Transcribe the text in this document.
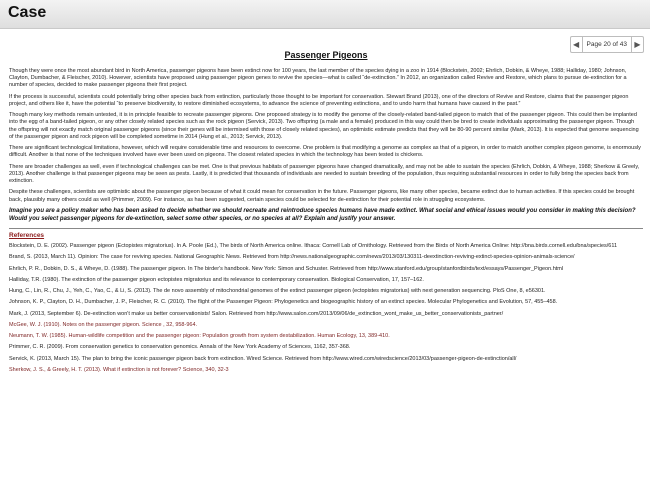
Case
◀	Page 20 of 43 ▶
Passenger Pigeons

Though they were once the most abundant bird in North America, passenger pigeons have been extinct now for 100 years, the last member of the species dying in a zoo in 1914 (Blockstein, 2002; Ehrlich, Dobkin, & Wheye, 1988; Halliday, 1980; Johnson, Clayton, Dumbacher, & Fleischer, 2010). However, scientists have proposed using passenger pigeon genes to revive the species—what is called “de-extinction.” In 2012, an organization called Revive and Restore, which plans to pursue de-extinction for a number of species, decided to make passenger pigeons their first project.

If the process is successful, scientists could potentially bring other species back from extinction, particularly those thought to be important for conservation. Stewart Brand (2013), one of the directors of Revive and Restore, claims that the passenger pigeon project, and others like it, have the potential “to preserve biodiversity, to restore diminished ecosystems, to advance the science of preventing extinctions, and to undo harm that humans have caused in the past.”

Though many key methods remain untested, it is in principle feasible to recreate passenger pigeons. One proposed strategy is to modify the genome of the closely-related band-tailed pigeon to match that of the passenger pigeon. This could then be implanted into the egg of a band-tailed pigeon, or any other closely related species such as the rock pigeon (Servick, 2013). Two offspring (a male and a female) produced in this way could then be bred to create individuals approximating the passenger pigeon. Though the offspring will not exactly match original passenger pigeons (since their genes will be intermixed with those of closely related species), an optimistic estimate predicts that they will be 80-90 percent similar (Mark, 2013). It is expected that genome sequencing of the passenger pigeon and rock pigeon will be completed sometime in 2014 (Hung et al., 2013; Servick, 2013).

There are significant technological limitations, however, which will require considerable time and resources to overcome. One problem is that modifying a genome as complex as that of a pigeon, in order to match another complex pigeon genome, is enormously difficult. Another is that none of the techniques involved have ever been used on pigeons. The closest related species in which the technology has been tested is chickens.

There are broader challenges as well, even if technological challenges can be met. One is that previous habitats of passenger pigeons have changed dramatically, and may not be able to sustain the species (Ehrlich, Dobkin, & Wheye, 1988; Sherkow & Greely, 2013). Another challenge is that passenger pigeons may be seen as pests. Lastly, it is predicted that thousands of individuals are needed to sustain breeding of the population, thus requiring substantial resources in order to fully bring the species back from extinction.

Despite these challenges, scientists are optimistic about the passenger pigeon because of what it could mean for conservation in the future. Passenger pigeons, like many other species, became extinct due to human activities. If this species could be brought back, plausibly many others could as well (Primmer, 2009). For instance, as has been suggested, certain species could be selected for de-extinction for their potential role in struggling ecosystems.

Imagine you are a policy maker who has been asked to decide whether we should recreate and reintroduce species humans have made extinct. What social and ethical issues would you consider in making this decision? Would you select passenger pigeons for de-extinction, select some other species, or no species at all? Explain and justify your answer.

References
Blockstein, D. E. (2002). Passenger pigeon (Ectopistes migratorius). In A. Poole (Ed.), The birds of North America online. Ithaca: Cornell Lab of Ornithology. Retrieved from the Birds of North America Online: http://bna.birds.cornell.edu/bna/species/611
Brand, S. (2013, March 11). Opinion: The case for reviving species. National Geographic News. Retrieved from http://news.nationalgeographic.com/news/2013/03/130311-deextinction-reviving-extinct-species-opinion-animals-science/
Ehrlich, P. R., Dobkin, D. S., & Wheye, D. (1988). The passenger pigeon. In The birder's handbook. New York: Simon and Schuster. Retrieved from http://www.stanford.edu/group/stanfordbirds/text/essays/Passenger_Pigeon.html
Halliday, T.R. (1980). The extinction of the passenger pigeon ectopistes migratorius and its relevance to contemporary conservation. Biological Conservation, 17, 157–162.
Hung, C., Lin, R., Chu, J., Yeh, C., Yao, C., & Li, S. (2013). The de novo assembly of mitochondrial genomes of the extinct passenger pigeon (ectopistes migratorius) with next generation sequencing. PloS One, 8, e56301.
Johnson, K. P., Clayton, D. H., Dumbacher, J. P., Fleischer, R. C. (2010). The flight of the Passenger Pigeon: Phylogenetics and biogeographic history of an extinct species. Molecular Phylogenetics and Evolution, 57, 455–458.
Mark, J. (2013, September 6). De-extinction won't make us better conservationists! Salon. Retrieved from http://www.salon.com/2013/09/06/de_extinction_wont_make_us_better_conservationists_partner/
McGee, W. J. (1910). Notes on the passenger pigeon. Science , 32, 958-964.
Neumann, T. W. (1985). Human-wildlife competition and the passenger pigeon: Population growth from system destabilization. Human Ecology, 13, 389-410.
Primmer, C. R. (2009). From conservation genetics to conservation genomics. Annals of the New York Academy of Sciences, 1162, 357-368.
Servick, K. (2013, March 15). The plan to bring the iconic passenger pigeon back from extinction. Wired Science. Retrieved from http://www.wired.com/wiredscience/2013/03/passenger-pigeon-de-extinction/all/
Sherkow, J. S., & Greely, H. T. (2013). What if extinction is not forever? Science, 340, 32-3
